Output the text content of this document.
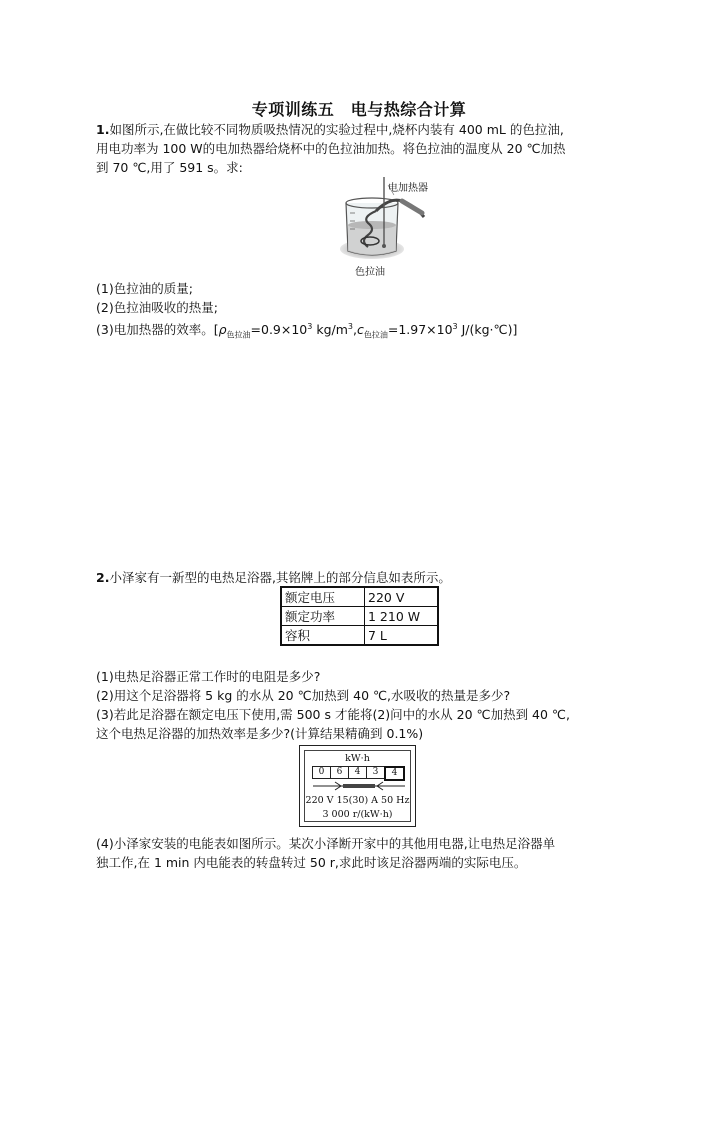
专项训练五　电与热综合计算
1.如图所示,在做比较不同物质吸热情况的实验过程中,烧杯内装有 400 mL 的色拉油,
用电功率为 100 W的电加热器给烧杯中的色拉油加热。将色拉油的温度从 20 ℃加热
到 70 ℃,用了 591 s。求:
电加热器
色拉油
(1)色拉油的质量;
(2)色拉油吸收的热量;
(3)电加热器的效率。[$\rho_{色拉油}=0.9\times 10^3$ $kg/m^3,c_{色拉油}=1.97\times 10^3$ J/(kg·℃)]
2.小泽家有一新型的电热足浴器,其铭牌上的部分信息如表所示。
额定电压	220 V
额定功率	1 210 W
容积	7 L
(1)电热足浴器正常工作时的电阻是多少?
(2)用这个足浴器将 5 kg 的水从 20 ℃加热到 40 ℃,水吸收的热量是多少?
(3)若此足浴器在额定电压下使用,需 500 s 才能将(2)问中的水从 20 ℃加热到 40 ℃,
这个电热足浴器的加热效率是多少?(计算结果精确到 0.1%)
kW·h
0	6	4	3	4
220 V 15(30) A 50 Hz
3 000 r/(kW·h)
(4)小泽家安装的电能表如图所示。某次小泽断开家中的其他用电器,让电热足浴器单
独工作,在 1 min 内电能表的转盘转过 50 r,求此时该足浴器两端的实际电压。
